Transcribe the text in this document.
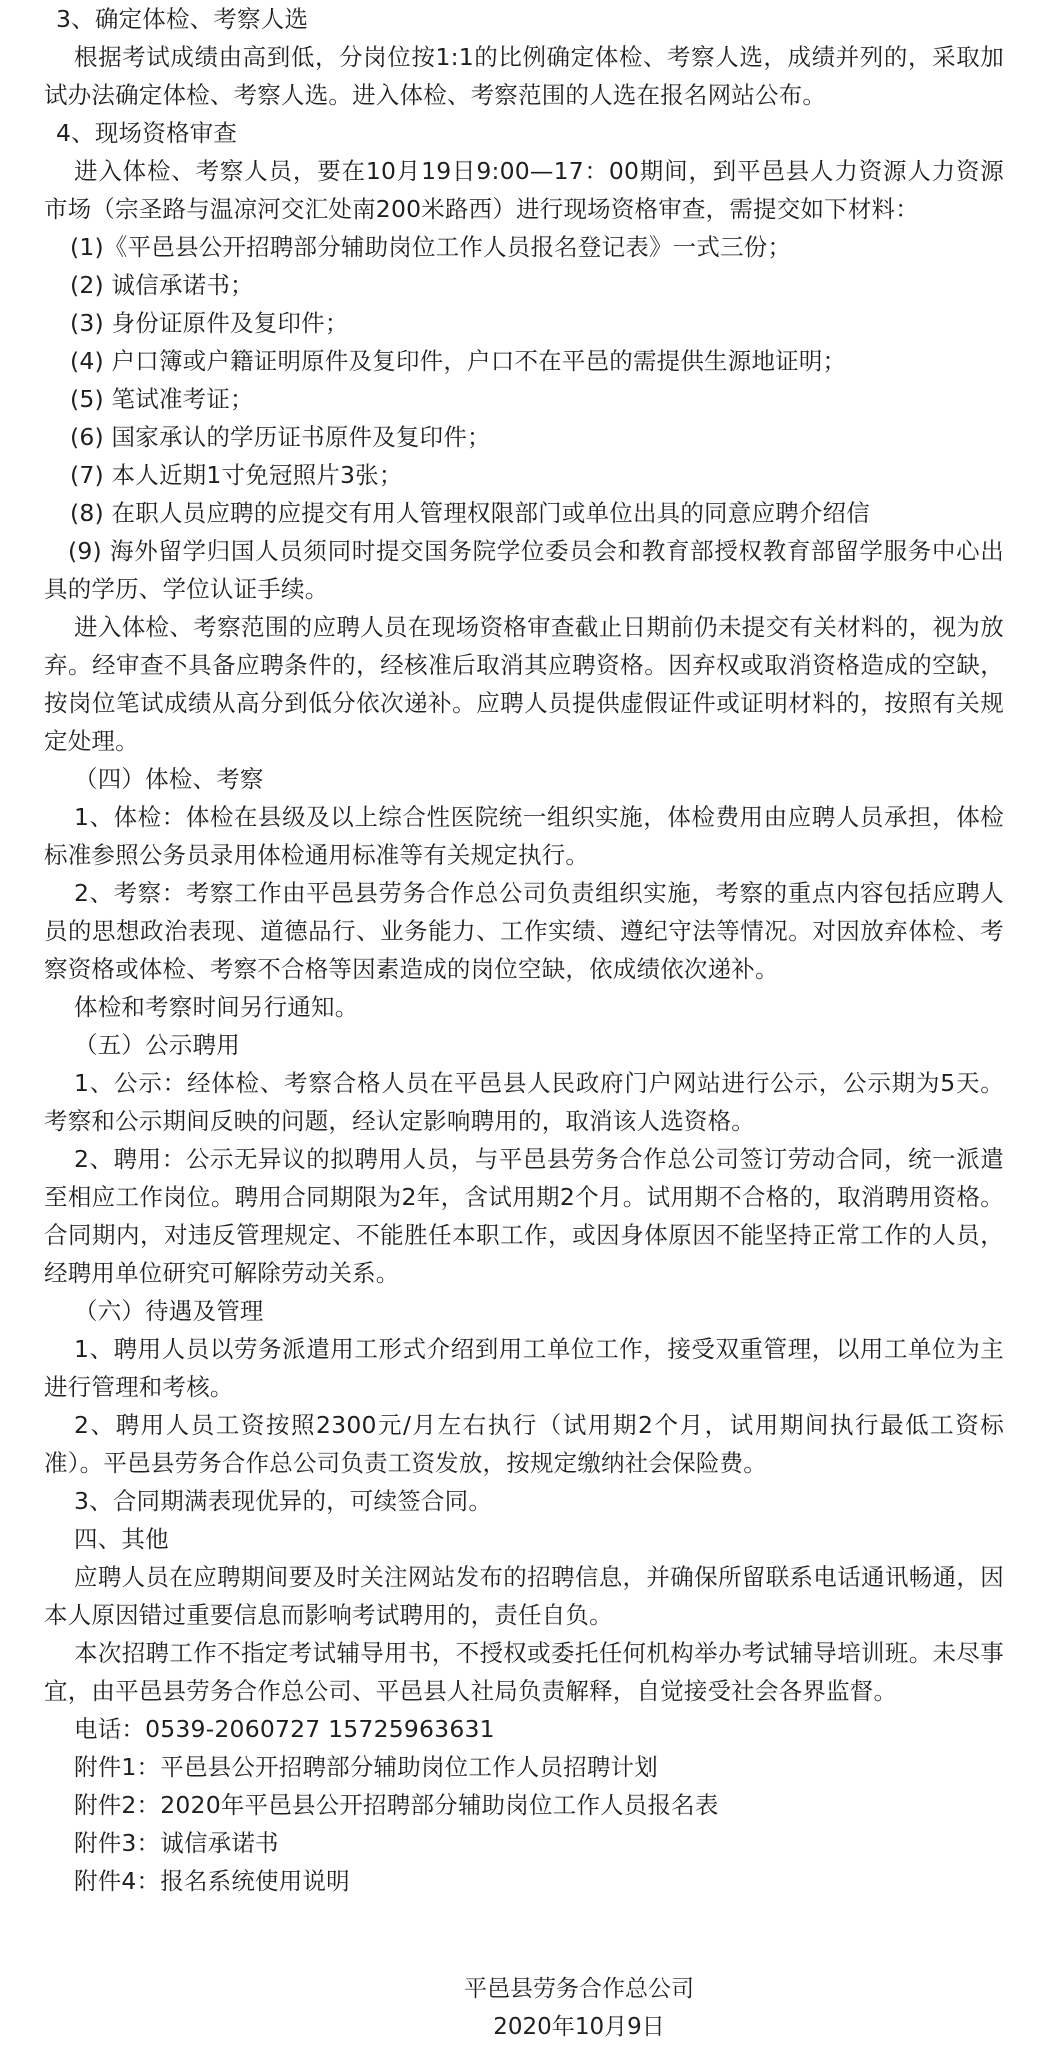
3、确定体检、考察人选

根据考试成绩由高到低，分岗位按1:1的比例确定体检、考察人选，成绩并列的，采取加试办法确定体检、考察人选。进入体检、考察范围的人选在报名网站公布。

4、现场资格审查

进入体检、考察人员，要在10月19日9:00—17：00期间，到平邑县人力资源人力资源市场（宗圣路与温凉河交汇处南200米路西）进行现场资格审查，需提交如下材料：

(1)《平邑县公开招聘部分辅助岗位工作人员报名登记表》一式三份；

(2) 诚信承诺书；

(3) 身份证原件及复印件；

(4) 户口簿或户籍证明原件及复印件，户口不在平邑的需提供生源地证明；

(5) 笔试准考证；

(6) 国家承认的学历证书原件及复印件；

(7) 本人近期1寸免冠照片3张；

(8) 在职人员应聘的应提交有用人管理权限部门或单位出具的同意应聘介绍信

(9) 海外留学归国人员须同时提交国务院学位委员会和教育部授权教育部留学服务中心出具的学历、学位认证手续。

进入体检、考察范围的应聘人员在现场资格审查截止日期前仍未提交有关材料的，视为放弃。经审查不具备应聘条件的，经核准后取消其应聘资格。因弃权或取消资格造成的空缺，按岗位笔试成绩从高分到低分依次递补。应聘人员提供虚假证件或证明材料的，按照有关规定处理。

（四）体检、考察

1、体检：体检在县级及以上综合性医院统一组织实施，体检费用由应聘人员承担，体检标准参照公务员录用体检通用标准等有关规定执行。

2、考察：考察工作由平邑县劳务合作总公司负责组织实施，考察的重点内容包括应聘人员的思想政治表现、道德品行、业务能力、工作实绩、遵纪守法等情况。对因放弃体检、考察资格或体检、考察不合格等因素造成的岗位空缺，依成绩依次递补。

体检和考察时间另行通知。

（五）公示聘用

1、公示：经体检、考察合格人员在平邑县人民政府门户网站进行公示，公示期为5天。考察和公示期间反映的问题，经认定影响聘用的，取消该人选资格。

2、聘用：公示无异议的拟聘用人员，与平邑县劳务合作总公司签订劳动合同，统一派遣至相应工作岗位。聘用合同期限为2年，含试用期2个月。试用期不合格的，取消聘用资格。合同期内，对违反管理规定、不能胜任本职工作，或因身体原因不能坚持正常工作的人员，经聘用单位研究可解除劳动关系。

（六）待遇及管理

1、聘用人员以劳务派遣用工形式介绍到用工单位工作，接受双重管理，以用工单位为主进行管理和考核。

2、聘用人员工资按照2300元/月左右执行（试用期2个月，试用期间执行最低工资标准）。平邑县劳务合作总公司负责工资发放，按规定缴纳社会保险费。

3、合同期满表现优异的，可续签合同。

四、其他

应聘人员在应聘期间要及时关注网站发布的招聘信息，并确保所留联系电话通讯畅通，因本人原因错过重要信息而影响考试聘用的，责任自负。

本次招聘工作不指定考试辅导用书，不授权或委托任何机构举办考试辅导培训班。未尽事宜，由平邑县劳务合作总公司、平邑县人社局负责解释，自觉接受社会各界监督。

电话：0539-2060727 15725963631

附件1：平邑县公开招聘部分辅助岗位工作人员招聘计划

附件2：2020年平邑县公开招聘部分辅助岗位工作人员报名表

附件3：诚信承诺书

附件4：报名系统使用说明

平邑县劳务合作总公司

2020年10月9日
